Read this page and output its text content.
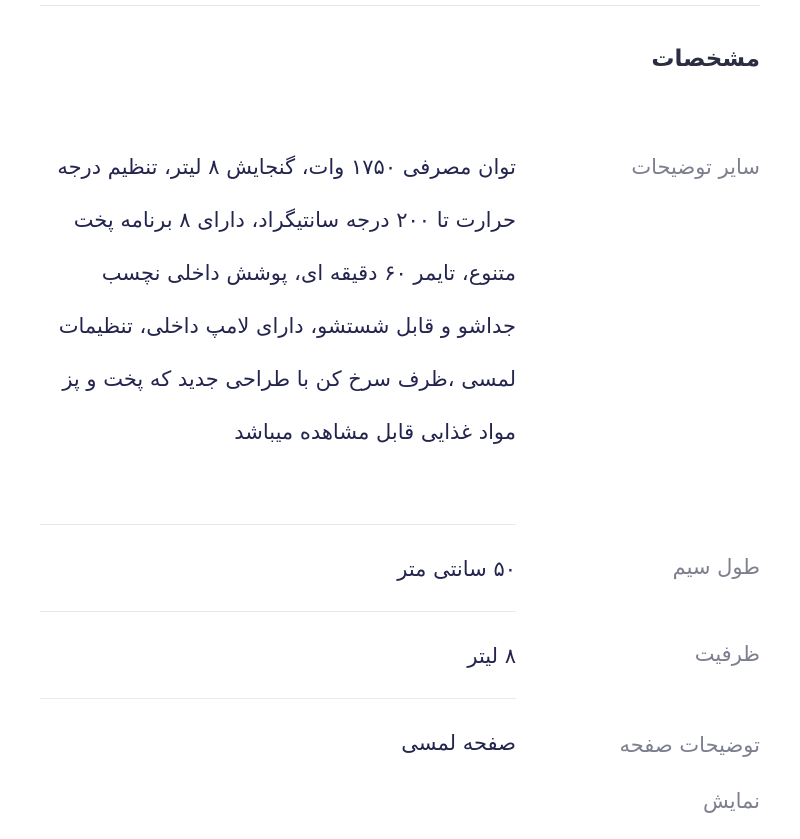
مشخصات
سایر توضیحات
توان مصرفی ۱۷۵۰ وات، گنجایش ۸ لیتر، تنظیم درجه حرارت تا ۲۰۰ درجه سانتیگراد، دارای ۸ برنامه پخت متنوع، تایمر ۶۰ دقیقه ای، پوشش داخلی نچسب جداشو و قابل شستشو، دارای لامپ داخلی، تنظیمات لمسی ،ظرف سرخ کن با طراحی جدید که پخت و پز مواد غذایی قابل مشاهده میباشد
طول سیم
۵۰ سانتی متر
ظرفیت
۸ لیتر
توضیحات صفحه نمایش
صفحه لمسی
